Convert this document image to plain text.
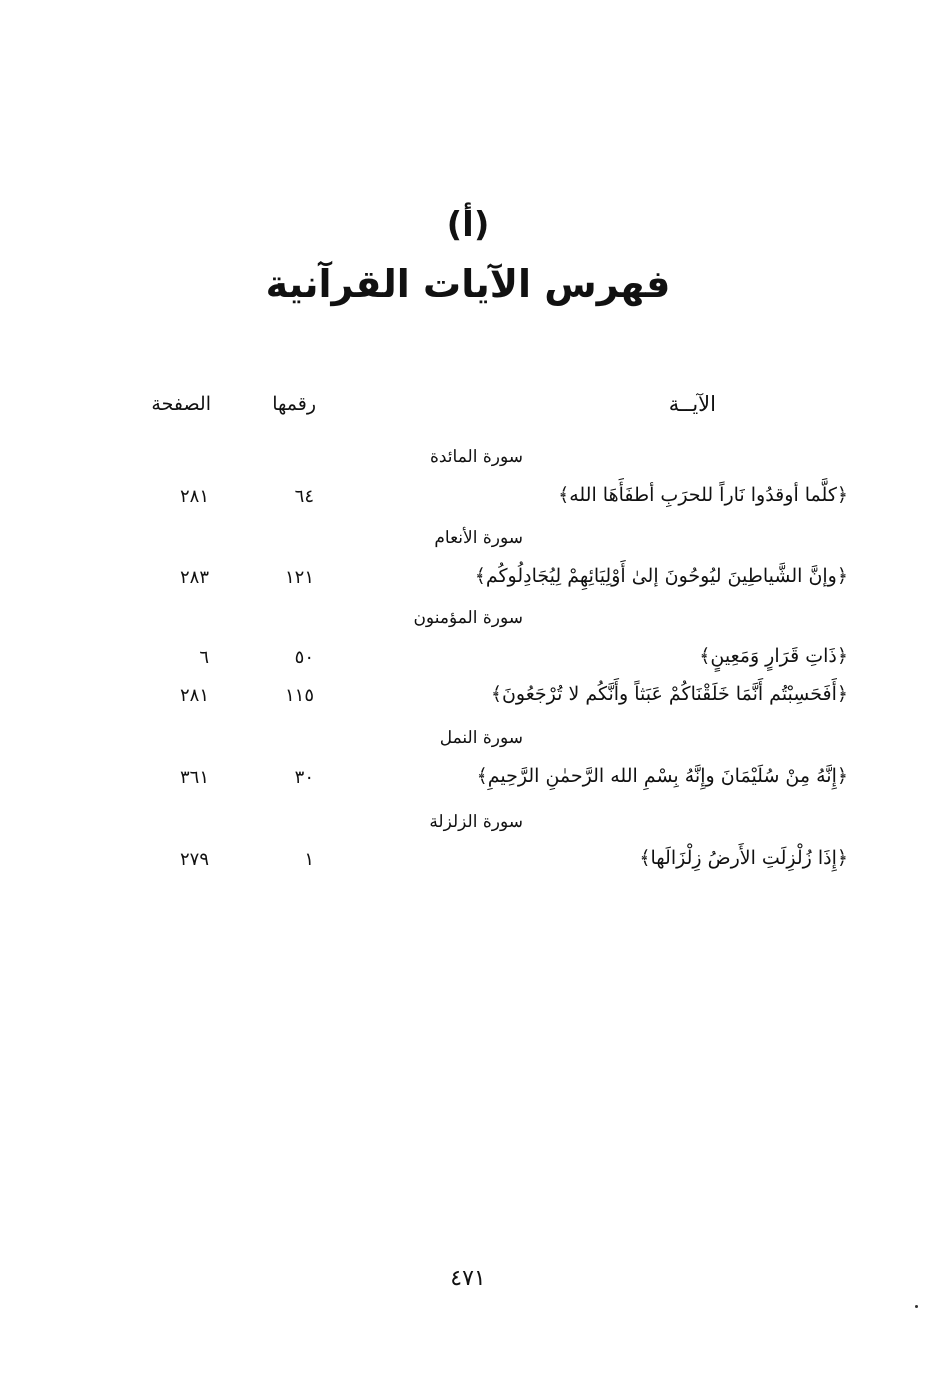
(أ)
فهرس الآيات القرآنية
الآيــة
رقمها
الصفحة
سورة المائدة
﴿كلَّما أوقدُوا نَاراً للحرَبِ أطفَأَهَا الله﴾
٦٤
٢٨١
سورة الأنعام
﴿وإنَّ الشَّياطِينَ ليُوحُونَ إلىٰ أَوْلِيَائِهِمْ لِيُجَادِلُوكُم﴾
١٢١
٢٨٣
سورة المؤمنون
﴿ذَاتِ قَرَارٍ وَمَعِينٍ﴾
٥٠
٦
﴿أَفَحَسِبْتُم أَنَّمَا خَلَقْنَاكُمْ عَبَثاً وأَنَّكُم لا تُرْجَعُونَ﴾
١١٥
٢٨١
سورة النمل
﴿إِنَّهُ مِنْ سُلَيْمَانَ وإِنَّهُ بِسْمِ الله الرَّحمٰنِ الرَّحِيمِ﴾
٣٠
٣٦١
سورة الزلزلة
﴿إِذَا زُلْزِلَتِ الأَرضُ زِلْزَالَها﴾
١
٢٧٩
٤٧١
